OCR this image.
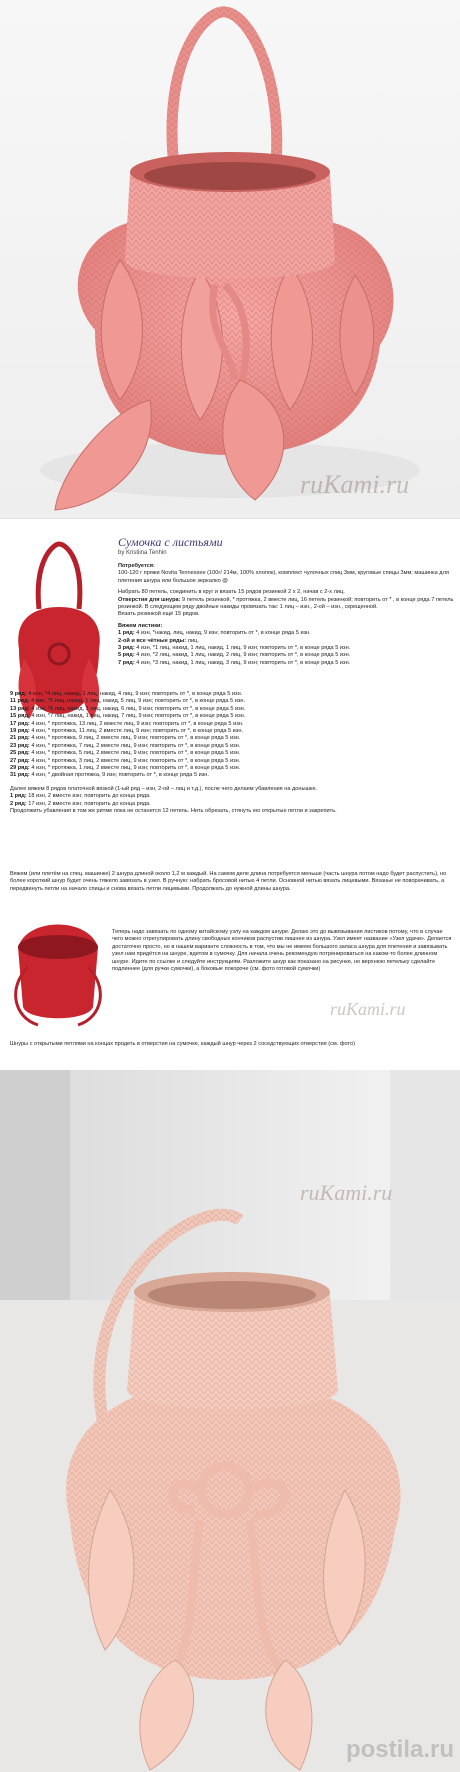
ruKami.ru
Сумочка с листьями
by Kristiina Tenhin
Потребуется:
100-120 г пряжи Novita Tennessee (100г/ 214м, 100% хлопок), комплект чулочных спиц 3мм, круговые спицы 3мм; машинка для плетения шнура или большое зеркалко @
Набрать 80 петель, соединить в круг и вязать 15 рядов резинкой 2 х 2, начав с 2-х лиц.
Отверстия для шнура: 9 петель резинкой, * протяжка, 2 вместе лиц, 16 петель резинкой; повторить от * , в конце ряда 7 петель резинкой. В следующем ряду двойные накиды провязать так: 1 лиц – изн., 2-ой – изн., скрещенной.
Вязать резинкой ещё 15 рядов.
Вяжем листики:
1 ряд: 4 изн, *накид, лиц, накид, 9 изн; повторить от *, в конце ряда 5 изн.
2-ой и все чётные ряды: лиц.
3 ряд: 4 изн, *1 лиц, накид, 1 лиц, накид, 1 лиц, 9 изн; повторить от *, в конце ряда 5 изн.
5 ряд: 4 изн, *2 лиц, накид, 1 лиц, накид, 2 лиц, 9 изн; повторить от *, в конце ряда 5 изн.
7 ряд: 4 изн, *3 лиц, накид, 1 лиц, накид, 3 лиц, 9 изн; повторить от *, в конце ряда 5 изн.
9 ряд: 4 изн, *4 лиц, накид, 1 лиц, накид, 4 лиц, 9 изн; повторить от *, в конце ряда 5 изн.
11 ряд: 4 изн, *5 лиц, накид, 1 лиц, накид, 5 лиц, 9 изн; повторить от *, в конце ряда 5 изн.
13 ряд: 4 изн, *6 лиц, накид, 1 лиц, накид, 6 лиц, 9 изн; повторить от *, в конце ряда 5 изн.
15 ряд: 4 изн, *7 лиц, накид, 1 лиц, накид, 7 лиц, 9 изн; повторить от *, в конце ряда 5 изн.
17 ряд: 4 изн, * протяжка, 13 лиц, 2 вместе лиц, 9 изн; повторить от *, в конце ряда 5 изн.
19 ряд: 4 изн, * протяжка, 11 лиц, 2 вместе лиц, 9 изн; повторить от *, в конце ряда 5 изн.
21 ряд: 4 изн, * протяжка, 9 лиц, 2 вместе лиц, 9 изн; повторить от *, в конце ряда 5 изн.
23 ряд: 4 изн, * протяжка, 7 лиц, 2 вместе лиц, 9 изн; повторить от *, в конце ряда 5 изн.
25 ряд: 4 изн, * протяжка, 5 лиц, 2 вместе лиц, 9 изн; повторить от *, в конце ряда 5 изн.
27 ряд: 4 изн, * протяжка, 3 лиц, 2 вместе лиц, 9 изн; повторить от *, в конце ряда 5 изн.
29 ряд: 4 изн, * протяжка, 1 лиц, 2 вместе лиц, 9 изн; повторить от *, в конце ряда 5 изн.
31 ряд: 4 изн, * двойная протяжка, 9 изн; повторить от *, в конце ряда 5 изн.
Далее вяжем 8 рядов платочной вязкой (1-ый ряд – изн, 2-ой – лиц и т.д.), после чего делаем убавления на донышке.
1 ряд: 18 изн, 2 вместе изн; повторить до конца ряда.
2 ряд: 17 изн, 2 вместе изн; повторить до конца ряда.
Продолжить убавления в том же ритме пока не останется 12 петель. Нить обрезать, стянуть ею открытые петли и закрепить.
Вяжем (или плетём на спец. машинке) 2 шнура длиной около 1,2 м каждый. На самом деле длина потребуется меньше (часть шнура потом надо будет распустить), но более короткий шнур будет очень тяжело завязать в узел. В ручную: набрать бросовой нитью 4 петли. Основной нитью вязать лицевыми. Вязанье не поворачивать, а передвинуть петли на начало спицы и снова вязать петли лицевыми. Продолжать до нужной длины шнура.
Теперь надо завязать по одному китайскому узлу на каждом шнуре. Делаю это до вывязывания листиков потому, что в случае чего можно отрегулировать длину свободных кончиков распустив лишнее из шнура. Узел имеет название «Узел удачи». Делается достаточно просто, но в нашем варианте сложность в том, что мы не имеем большого запаса шнура для плетения и завязывать узел нам придётся на шнуре, вдетом в сумочку. Для начала очень рекомендую потренироваться на каком-то более длинном шнуре. Идите по ссылке и следуйте инструкциям. Разложите шнур как показано на рисунке, но верхнюю петельку сделайте подлиннее (для ручки сумочки), а боковые покороче (см. фото готовой сумочки)
Шнуры с открытыми петлями на концах продеть в отверстия на сумочке, каждый шнур через 2 соседствующих отверстия (см. фото)
ruKami.ru
ruKami.ru
postila.ru
